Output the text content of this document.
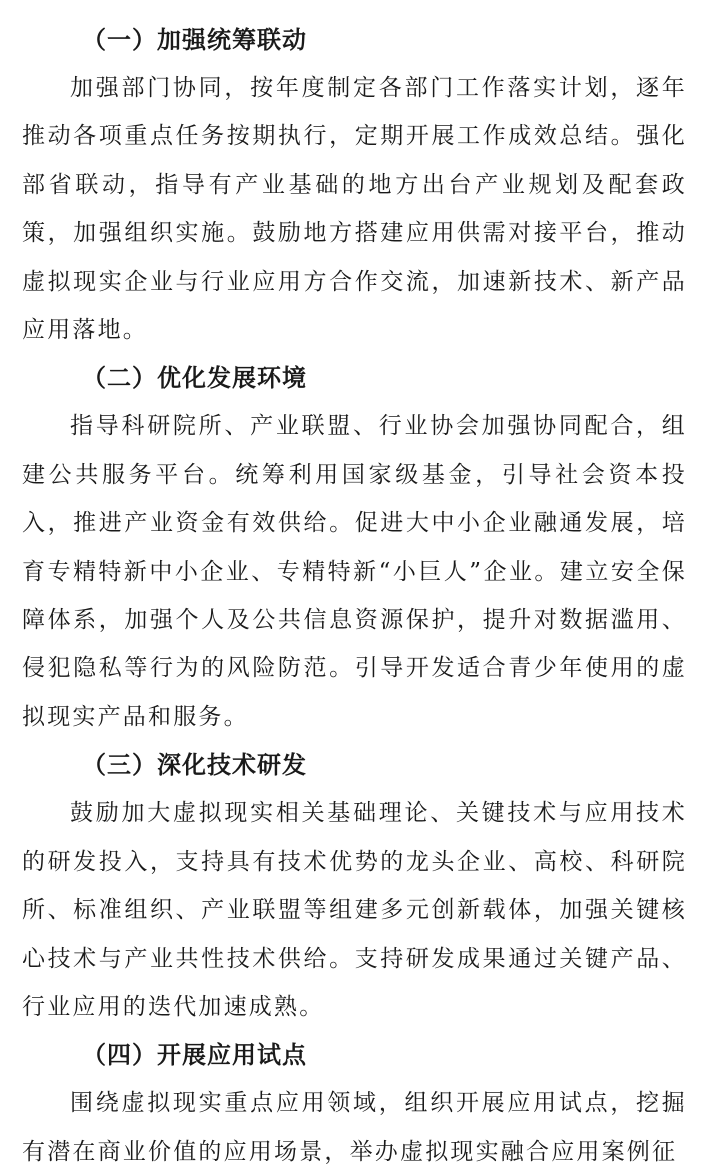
（一）加强统筹联动

加强部门协同，按年度制定各部门工作落实计划，逐年推动各项重点任务按期执行，定期开展工作成效总结。强化部省联动，指导有产业基础的地方出台产业规划及配套政策，加强组织实施。鼓励地方搭建应用供需对接平台，推动虚拟现实企业与行业应用方合作交流，加速新技术、新产品应用落地。

（二）优化发展环境

指导科研院所、产业联盟、行业协会加强协同配合，组建公共服务平台。统筹利用国家级基金，引导社会资本投入，推进产业资金有效供给。促进大中小企业融通发展，培育专精特新中小企业、专精特新“小巨人”企业。建立安全保障体系，加强个人及公共信息资源保护，提升对数据滥用、侵犯隐私等行为的风险防范。引导开发适合青少年使用的虚拟现实产品和服务。

（三）深化技术研发

鼓励加大虚拟现实相关基础理论、关键技术与应用技术的研发投入，支持具有技术优势的龙头企业、高校、科研院所、标准组织、产业联盟等组建多元创新载体，加强关键核心技术与产业共性技术供给。支持研发成果通过关键产品、行业应用的迭代加速成熟。

（四）开展应用试点

围绕虚拟现实重点应用领域，组织开展应用试点，挖掘有潜在商业价值的应用场景，举办虚拟现实融合应用案例征
